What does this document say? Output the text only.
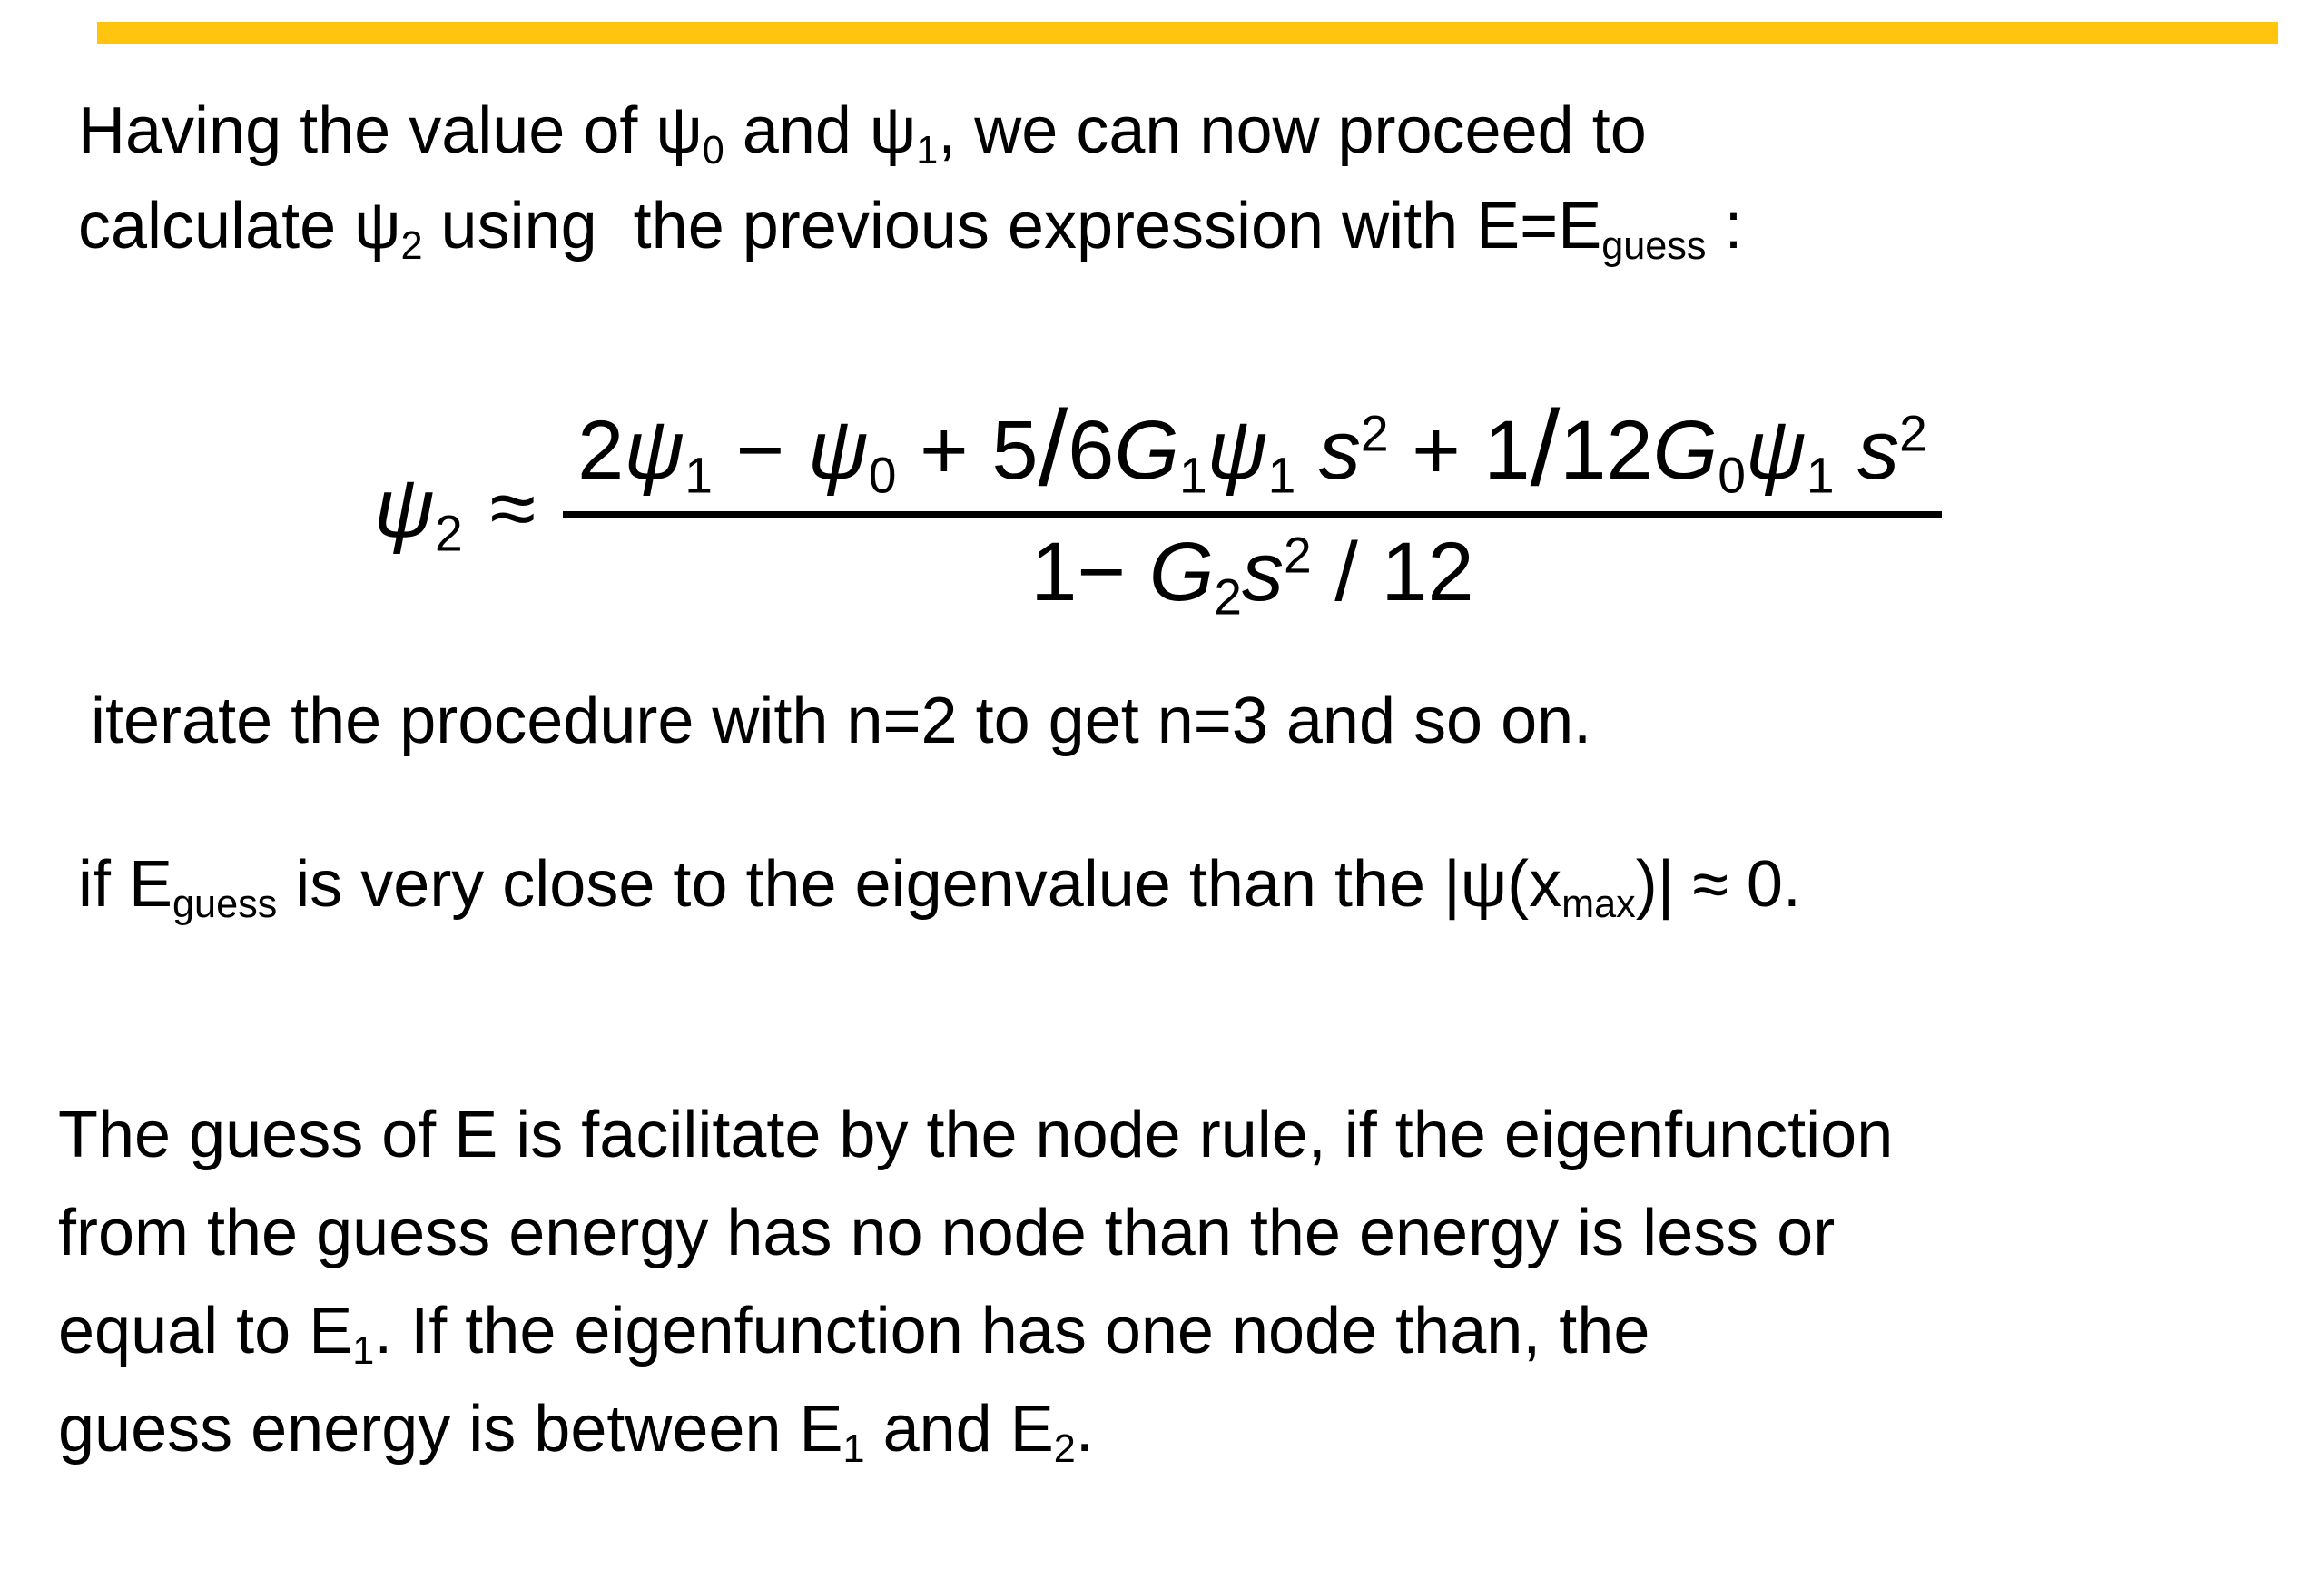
Having the value of $\psi_0$ and $\psi_1$, we can now proceed to
calculate $\psi_2$ using  the previous expression with $E=E_{guess}$ :
$\psi_2 \approx \frac{2\psi_1 - \psi_0 + 5/6G_1\psi_1 s^2 + 1/12G_0\psi_1 s^2}{1- G_2s^2 / 12}$
iterate the procedure with n=2 to get n=3 and so on.
if $E_{guess}$ is very close to the eigenvalue than the $|\psi(x_{max})| \approx 0$.
The guess of E is facilitate by the node rule, if the eigenfunction
from the guess energy has no node than the energy is less or
equal to $E_1$. If the eigenfunction has one node than, the
guess energy is between $E_1$ and $E_2$.
